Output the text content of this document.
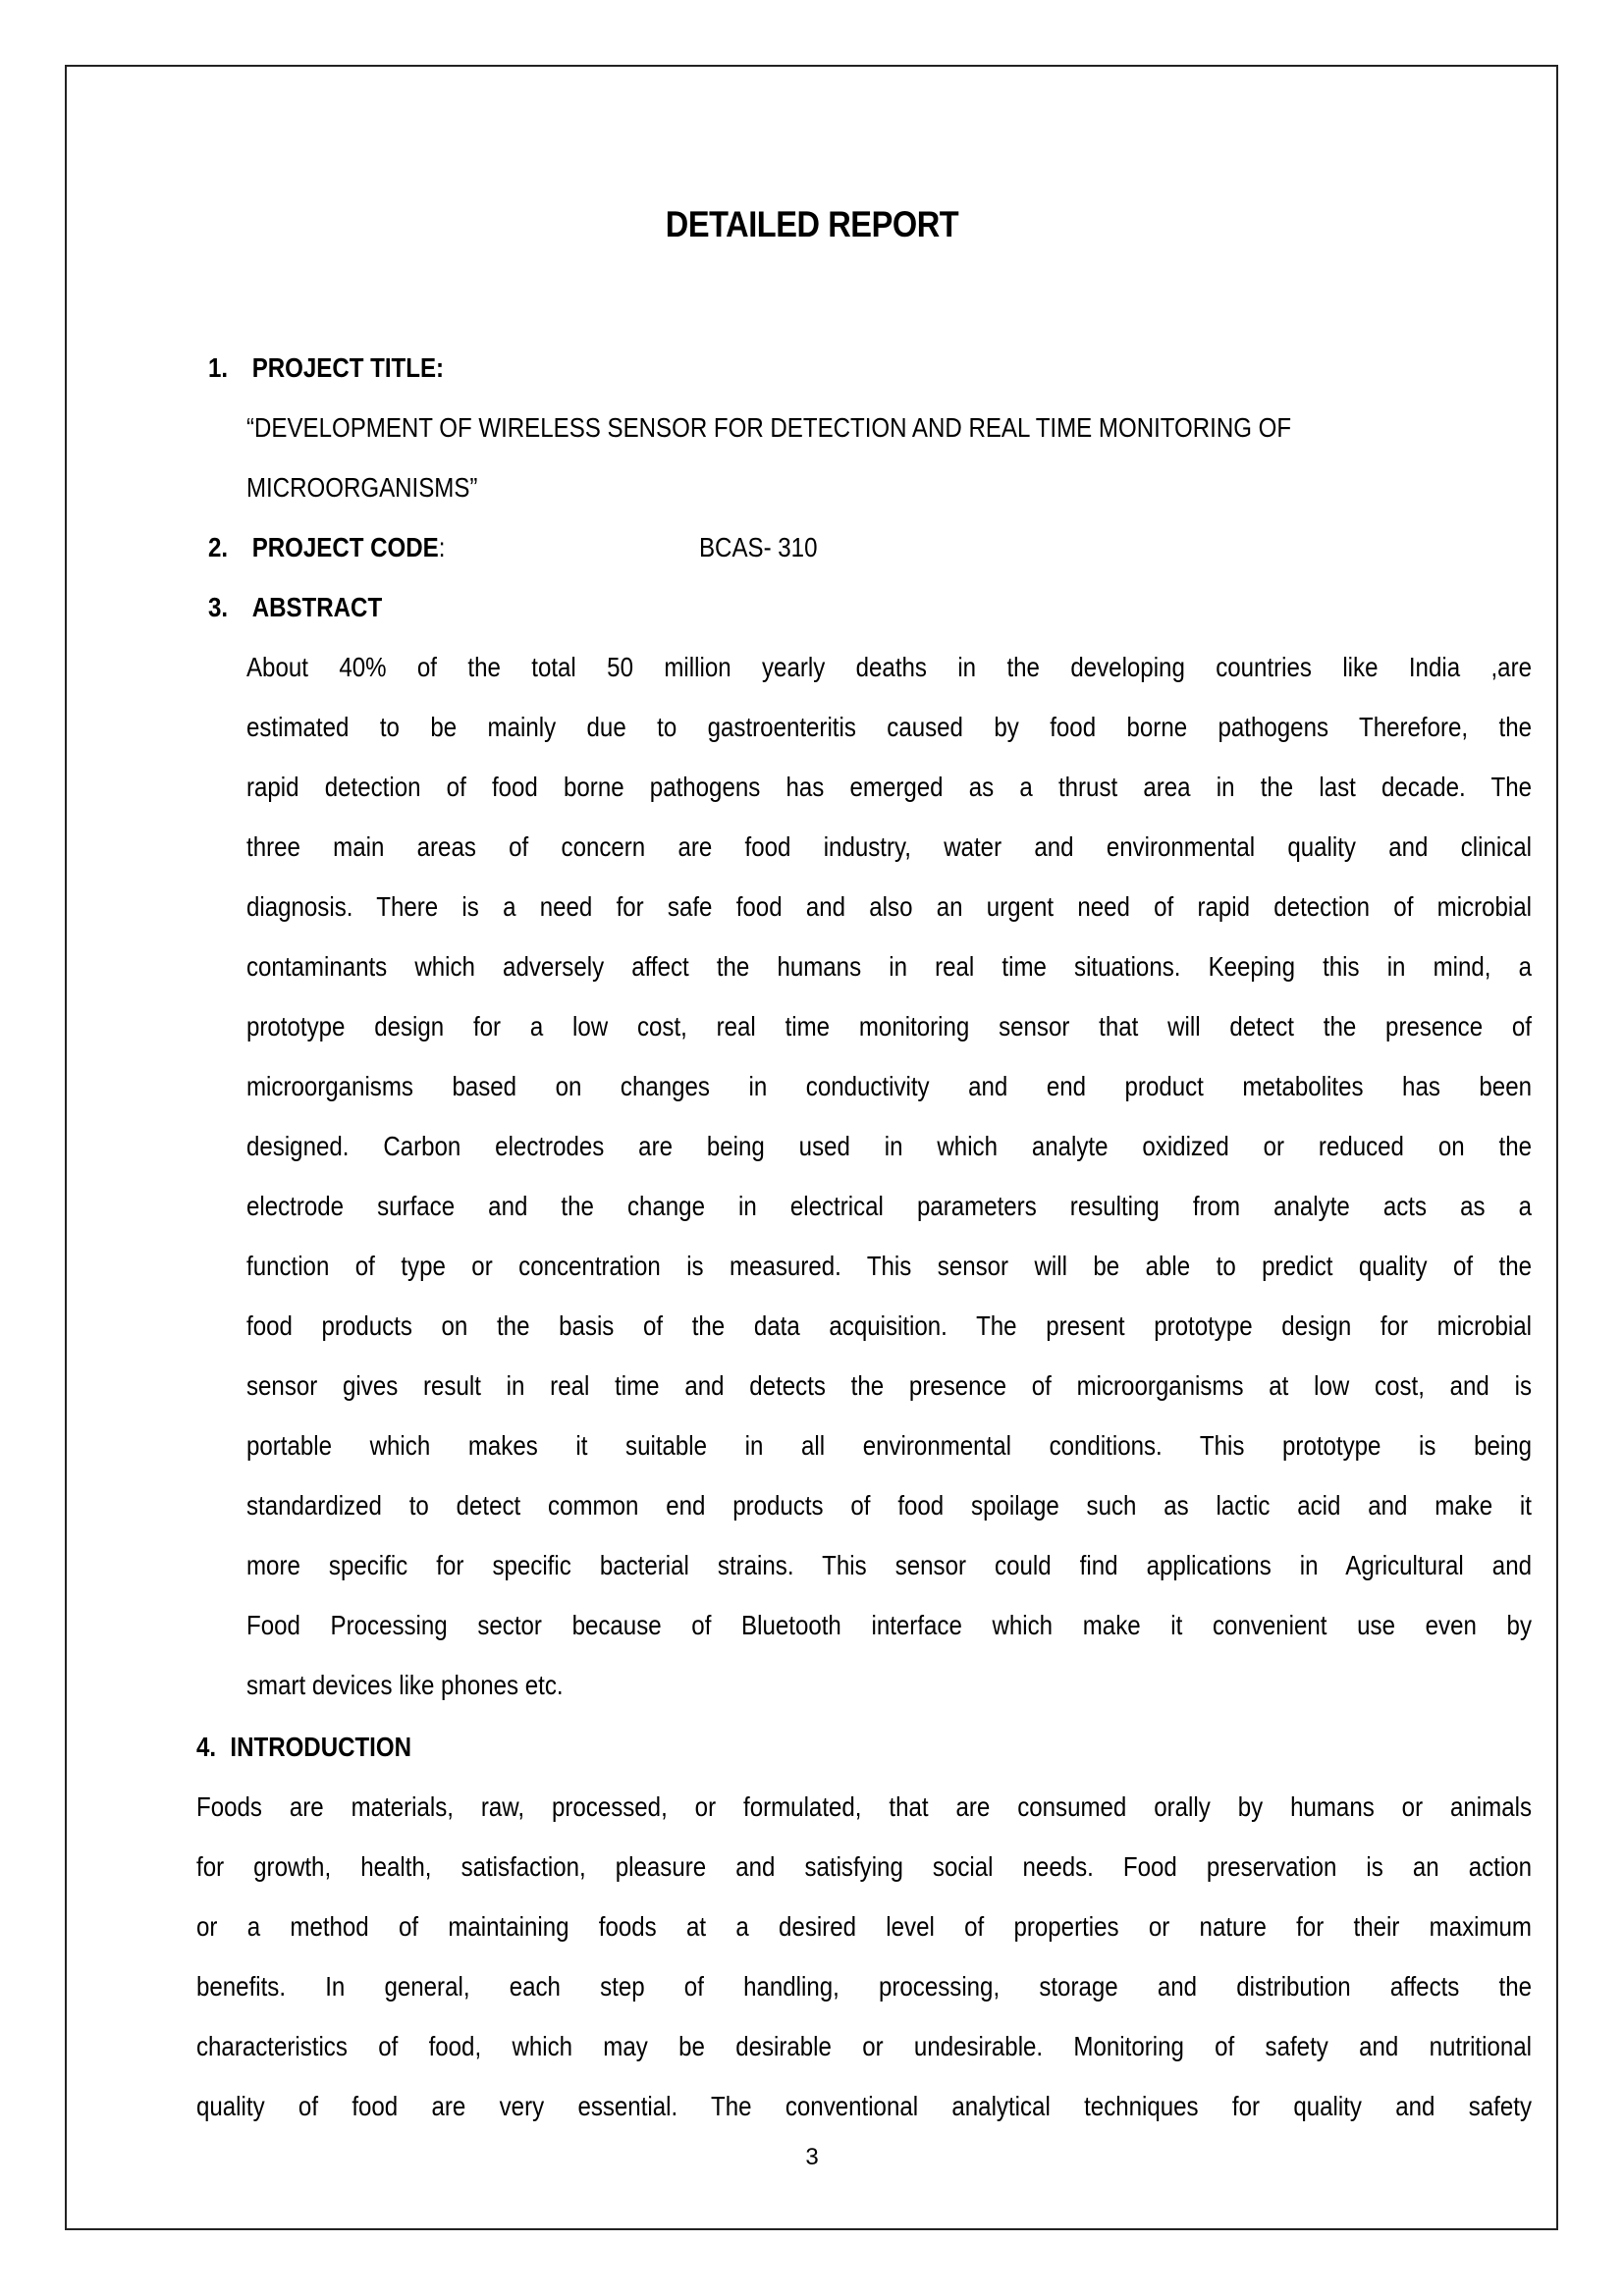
DETAILED REPORT
1. PROJECT TITLE:
“DEVELOPMENT OF WIRELESS SENSOR FOR DETECTION AND REAL TIME MONITORING OF
MICROORGANISMS”
2. PROJECT CODE:	BCAS- 310
3. ABSTRACT
About 40% of the total 50 million yearly deaths in the developing countries like India ,are
estimated to be mainly due to gastroenteritis caused by food borne pathogens Therefore, the
rapid detection of food borne pathogens has emerged as a thrust area in the last decade. The
three main areas of concern are food industry, water and environmental quality and clinical
diagnosis. There is a need for safe food and also an urgent need of rapid detection of microbial
contaminants which adversely affect the humans in real time situations. Keeping this in mind, a
prototype design for a low cost, real time monitoring sensor that will detect the presence of
microorganisms based on changes in conductivity and end product metabolites has been
designed. Carbon electrodes are being used in which analyte oxidized or reduced on the
electrode surface and the change in electrical parameters resulting from analyte acts as a
function of type or concentration is measured. This sensor will be able to predict quality of the
food products on the basis of the data acquisition. The present prototype design for microbial
sensor gives result in real time and detects the presence of microorganisms at low cost, and is
portable which makes it suitable in all environmental conditions. This prototype is being
standardized to detect common end products of food spoilage such as lactic acid and make it
more specific for specific bacterial strains. This sensor could find applications in Agricultural and
Food Processing sector because of Bluetooth interface which make it convenient use even by
smart devices like phones etc.
4. INTRODUCTION
Foods are materials, raw, processed, or formulated, that are consumed orally by humans or animals
for growth, health, satisfaction, pleasure and satisfying social needs. Food preservation is an action
or a method of maintaining foods at a desired level of properties or nature for their maximum
benefits. In general, each step of handling, processing, storage and distribution affects the
characteristics of food, which may be desirable or undesirable. Monitoring of safety and nutritional
quality of food are very essential. The conventional analytical techniques for quality and safety
3
